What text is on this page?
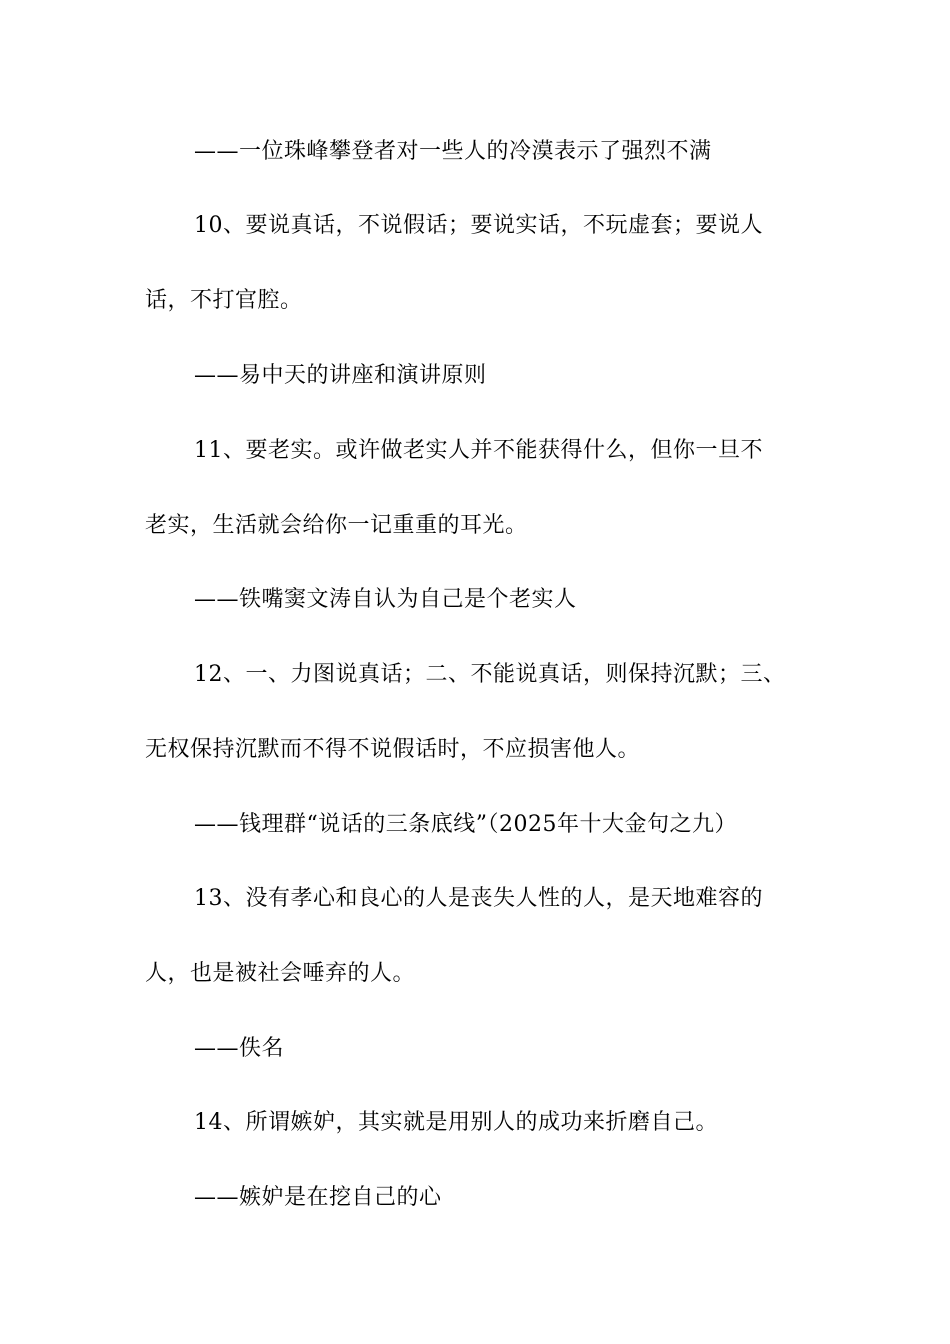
——一位珠峰攀登者对一些人的冷漠表示了强烈不满
10、要说真话，不说假话；要说实话，不玩虚套；要说人
话，不打官腔。
——易中天的讲座和演讲原则
11、要老实。或许做老实人并不能获得什么，但你一旦不
老实，生活就会给你一记重重的耳光。
——铁嘴窦文涛自认为自己是个老实人
12、一、力图说真话；二、不能说真话，则保持沉默；三、
无权保持沉默而不得不说假话时，不应损害他人。
——钱理群“说话的三条底线”（2025年十大金句之九）
13、没有孝心和良心的人是丧失人性的人，是天地难容的
人，也是被社会唾弃的人。
——佚名
14、所谓嫉妒，其实就是用别人的成功来折磨自己。
——嫉妒是在挖自己的心
